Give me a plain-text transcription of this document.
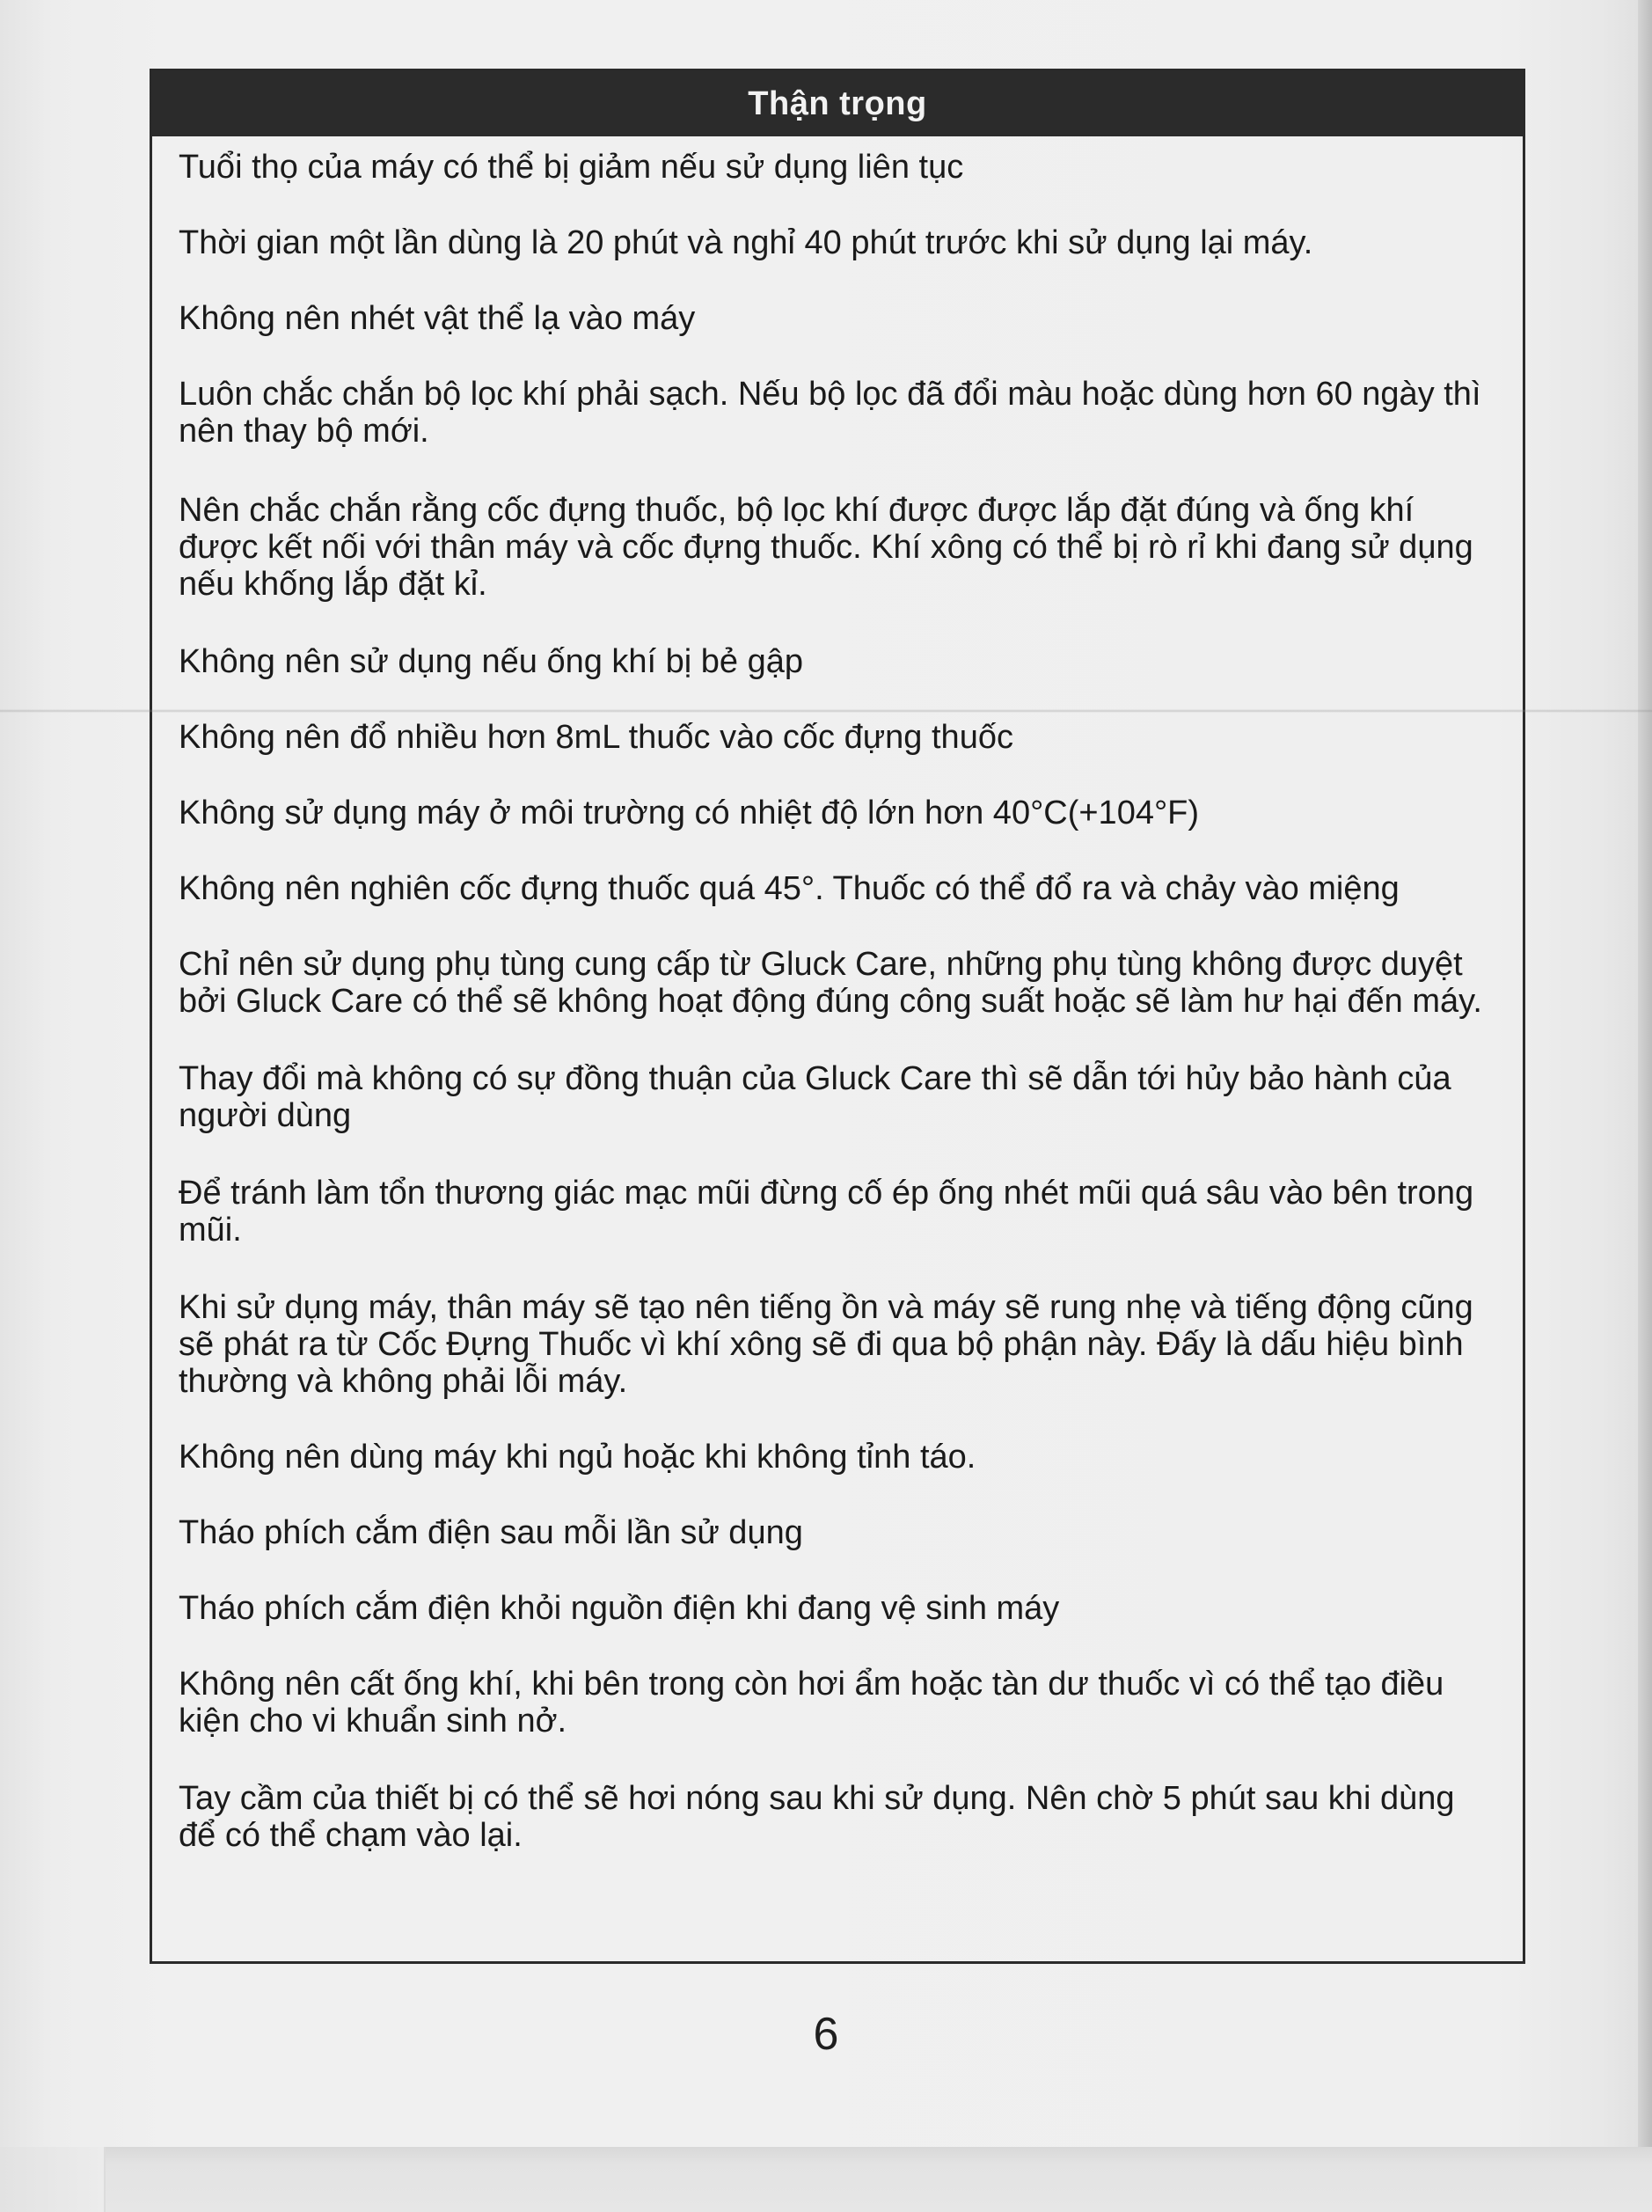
Thận trọng
Tuổi thọ của máy có thể bị giảm nếu sử dụng liên tục
Thời gian một lần dùng là 20 phút và nghỉ 40 phút trước khi sử dụng lại máy.
Không nên nhét vật thể lạ vào máy
Luôn chắc chắn bộ lọc khí phải sạch. Nếu bộ lọc đã đổi màu hoặc dùng hơn 60 ngày thì nên thay bộ mới.
Nên chắc chắn rằng cốc đựng thuốc, bộ lọc khí được được lắp đặt đúng và ống khí được kết nối với thân máy và cốc đựng thuốc. Khí xông có thể bị rò rỉ khi đang sử dụng nếu khống lắp đặt kỉ.
Không nên sử dụng nếu ống khí bị bẻ gập
Không nên đổ nhiều hơn 8mL thuốc vào cốc đựng thuốc
Không sử dụng máy ở môi trường có nhiệt độ lớn hơn 40°C(+104°F)
Không nên nghiên cốc đựng thuốc quá 45°. Thuốc có thể đổ ra và chảy vào miệng
Chỉ nên sử dụng phụ tùng cung cấp từ Gluck Care, những phụ tùng không được duyệt bởi Gluck Care có thể sẽ không hoạt động đúng công suất hoặc sẽ làm hư hại đến máy.
Thay đổi mà không có sự đồng thuận của Gluck Care thì sẽ dẫn tới hủy bảo hành của người dùng
Để tránh làm tổn thương giác mạc mũi đừng cố ép ống nhét mũi quá sâu vào bên trong mũi.
Khi sử dụng máy, thân máy sẽ tạo nên tiếng ồn và máy sẽ rung nhẹ và tiếng động cũng sẽ phát ra từ Cốc Đựng Thuốc vì khí xông sẽ đi qua bộ phận này. Đấy là dấu hiệu bình thường và không phải lỗi máy.
Không nên dùng máy khi ngủ hoặc khi không tỉnh táo.
Tháo phích cắm điện sau mỗi lần sử dụng
Tháo phích cắm điện khỏi nguồn điện khi đang vệ sinh máy
Không nên cất ống khí, khi bên trong còn hơi ẩm hoặc tàn dư thuốc vì có thể tạo điều kiện cho vi khuẩn sinh nở.
Tay cầm của thiết bị có thể sẽ hơi nóng sau khi sử dụng. Nên chờ 5 phút sau khi dùng để có thể chạm vào lại.
6
